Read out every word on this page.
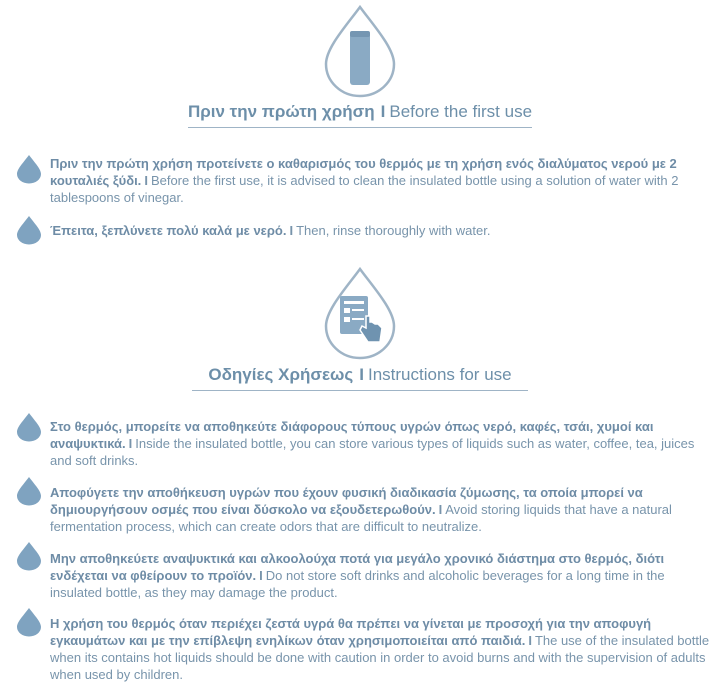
Πριν την πρώτη χρήση I Before the first use
Πριν την πρώτη χρήση προτείνετε ο καθαρισμός του θερμός με τη χρήση ενός διαλύματος νερού με 2 κουταλιές ξύδι. I Before the first use, it is advised to clean the insulated bottle using a solution of water with 2 tablespoons of vinegar.
Έπειτα, ξεπλύνετε πολύ καλά με νερό. I Then, rinse thoroughly with water.
Οδηγίες Χρήσεως I Instructions for use
Στο θερμός, μπορείτε να αποθηκεύτε διάφορους τύπους υγρών όπως νερό, καφές, τσάι, χυμοί και αναψυκτικά. I Inside the insulated bottle, you can store various types of liquids such as water, coffee, tea, juices and soft drinks.
Αποφύγετε την αποθήκευση υγρών που έχουν φυσική διαδικασία ζύμωσης, τα οποία μπορεί να δημιουργήσουν οσμές που είναι δύσκολο να εξουδετερωθούν. I Avoid storing liquids that have a natural fermentation process, which can create odors that are difficult to neutralize.
Μην αποθηκεύετε αναψυκτικά και αλκοολούχα ποτά για μεγάλο χρονικό διάστημα στο θερμός, διότι ενδέχεται να φθείρουν το προϊόν. I Do not store soft drinks and alcoholic beverages for a long time in the insulated bottle, as they may damage the product.
Η χρήση του θερμός όταν περιέχει ζεστά υγρά θα πρέπει να γίνεται με προσοχή για την αποφυγή εγκαυμάτων και με την επίβλεψη ενηλίκων όταν χρησιμοποιείται από παιδιά. I The use of the insulated bottle when its contains hot liquids should be done with caution in order to avoid burns and with the supervision of adults when used by children.
